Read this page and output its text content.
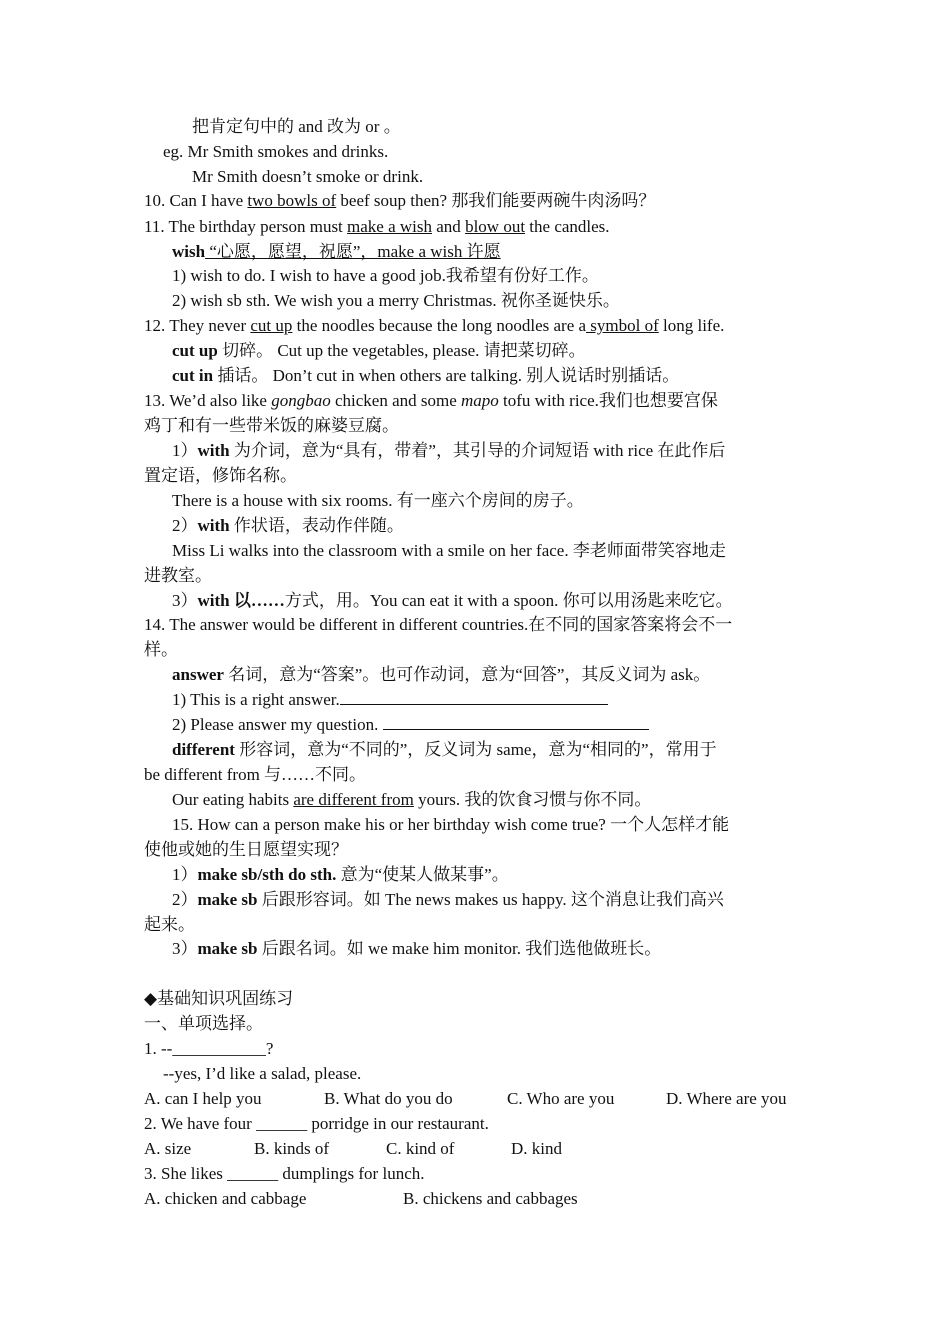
把肯定句中的 and 改为 or 。
eg. Mr Smith smokes and drinks.
Mr Smith doesn’t smoke or drink.
10. Can I have two bowls of beef soup then? 那我们能要两碗牛肉汤吗？
11. The birthday person must make a wish and blow out the candles.
wish “心愿，愿望，祝愿”，make a wish 许愿
1) wish to do. I wish to have a good job.我希望有份好工作。
2) wish sb sth. We wish you a merry Christmas. 祝你圣诞快乐。
12. They never cut up the noodles because the long noodles are a symbol of long life.
cut up 切碎。 Cut up the vegetables, please. 请把菜切碎。
cut in 插话。 Don’t cut in when others are talking. 别人说话时别插话。
13. We’d also like gongbao chicken and some mapo tofu with rice.我们也想要宫保
鸡丁和有一些带米饭的麻婆豆腐。
1）with 为介词，意为“具有，带着”，其引导的介词短语 with rice 在此作后
置定语，修饰名称。
There is a house with six rooms. 有一座六个房间的房子。
2）with 作状语，表动作伴随。
Miss Li walks into the classroom with a smile on her face. 李老师面带笑容地走
进教室。
3）with 以……方式，用。You can eat it with a spoon. 你可以用汤匙来吃它。
14. The answer would be different in different countries.在不同的国家答案将会不一
样。
answer 名词，意为“答案”。也可作动词，意为“回答”，其反义词为 ask。
1) This is a right answer.
2) Please answer my question.
different 形容词，意为“不同的”，反义词为 same，意为“相同的”，常用于
be different from 与……不同。
Our eating habits are different from yours. 我的饮食习惯与你不同。
15. How can a person make his or her birthday wish come true? 一个人怎样才能
使他或她的生日愿望实现？
1）make sb/sth do sth. 意为“使某人做某事”。
2）make sb 后跟形容词。如 The news makes us happy. 这个消息让我们高兴
起来。
3）make sb 后跟名词。如 we make him monitor. 我们选他做班长。
◆基础知识巩固练习
一、单项选择。
1. --___________?
--yes, I’d like a salad, please.
A. can I help you	B. What do you do	C. Who are you	D. Where are you
2. We have four ______ porridge in our restaurant.
A. size	B. kinds of	C. kind of	D. kind
3. She likes ______ dumplings for lunch.
A. chicken and cabbage	B. chickens and cabbages
